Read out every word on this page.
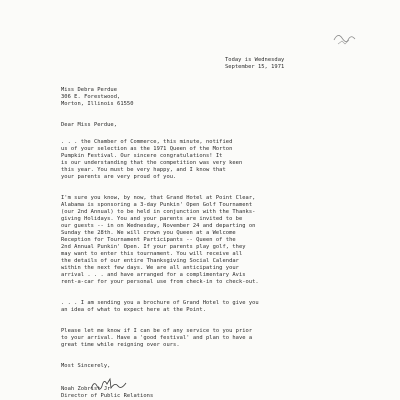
Today is Wednesday
September 15, 1971
Miss Debra Perdue
306 E. Forestwood,
Morton, Illinois 61550
Dear Miss Perdue,
. . . the Chamber of Commerce, this minute, notified
us of your selection as the 1971 Queen of the Morton
Pumpkin Festival. Our sincere congratulations! It
is our understanding that the competition was very keen
this year. You must be very happy, and I know that
your parents are very proud of you.
I'm sure you know, by now, that Grand Hotel at Point Clear,
Alabama is sponsoring a 3-day Punkin' Open Golf Tournament
(our 2nd Annual) to be held in conjunction with the Thanks-
giving Holidays. You and your parents are invited to be
our guests -- in on Wednesday, November 24 and departing on
Sunday the 28th. We will crown you Queen at a Welcome
Reception for Tournament Participants -- Queen of the
2nd Annual Punkin' Open. If your parents play golf, they
may want to enter this tournament. You will receive all
the details of our entire Thanksgiving Social Calendar
within the next few days. We are all anticipating your
arrival . . . and have arranged for a complimentary Avis
rent-a-car for your personal use from check-in to check-out.
. . . I am sending you a brochure of Grand Hotel to give you
an idea of what to expect here at the Point.
Please let me know if I can be of any service to you prior
to your arrival. Have a 'good festival' and plan to have a
great time while reigning over ours.
Most Sincerely,
Noah Zobrist Jr
Director of Public Relations
